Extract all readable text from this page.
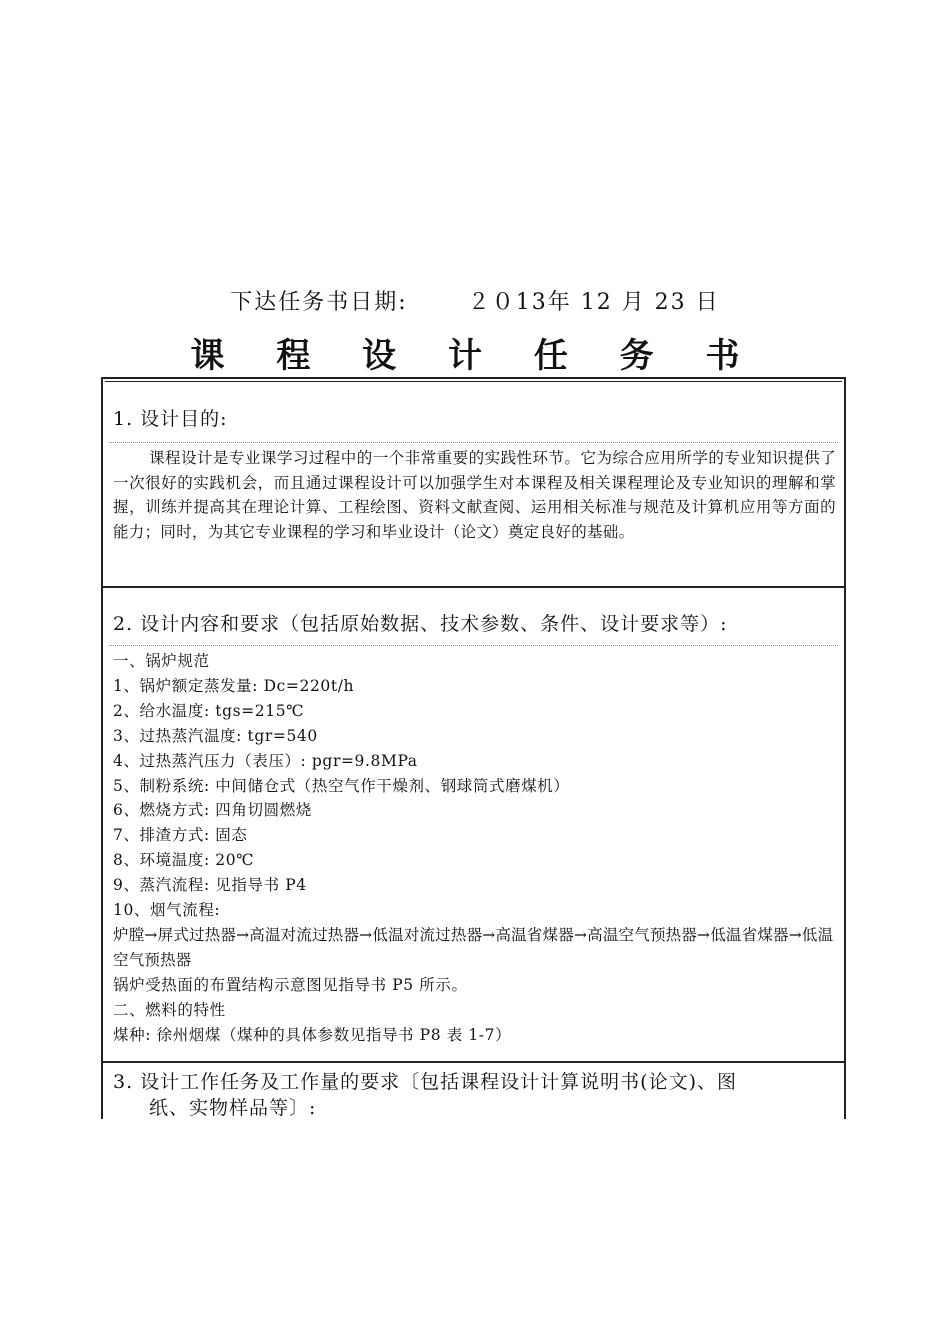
下达任务书日期:	２０13年 12 月 23 日
课 程 设 计 任 务 书
1. 设计目的:
课程设计是专业课学习过程中的一个非常重要的实践性环节。它为综合应用所学的专业知识提供了一次很好的实践机会，而且通过课程设计可以加强学生对本课程及相关课程理论及专业知识的理解和掌握，训练并提高其在理论计算、工程绘图、资料文献查阅、运用相关标准与规范及计算机应用等方面的能力；同时，为其它专业课程的学习和毕业设计（论文）奠定良好的基础。
2. 设计内容和要求（包括原始数据、技术参数、条件、设计要求等）:
一、锅炉规范
1、锅炉额定蒸发量: Dc=220t/h
2、给水温度: tgs=215℃
3、过热蒸汽温度: tgr=540
4、过热蒸汽压力（表压）: pgr=9.8MPa
5、制粉系统: 中间储仓式（热空气作干燥剂、钢球筒式磨煤机）
6、燃烧方式: 四角切圆燃烧
7、排渣方式: 固态
8、环境温度: 20℃
9、蒸汽流程: 见指导书 P4
10、烟气流程:
炉膛→屏式过热器→高温对流过热器→低温对流过热器→高温省煤器→高温空气预热器→低温省煤器→低温空气预热器
锅炉受热面的布置结构示意图见指导书 P5 所示。
二、燃料的特性
煤种: 徐州烟煤（煤种的具体参数见指导书 P8 表 1-7）
3. 设计工作任务及工作量的要求〔包括课程设计计算说明书(论文)、图
纸、实物样品等〕:
